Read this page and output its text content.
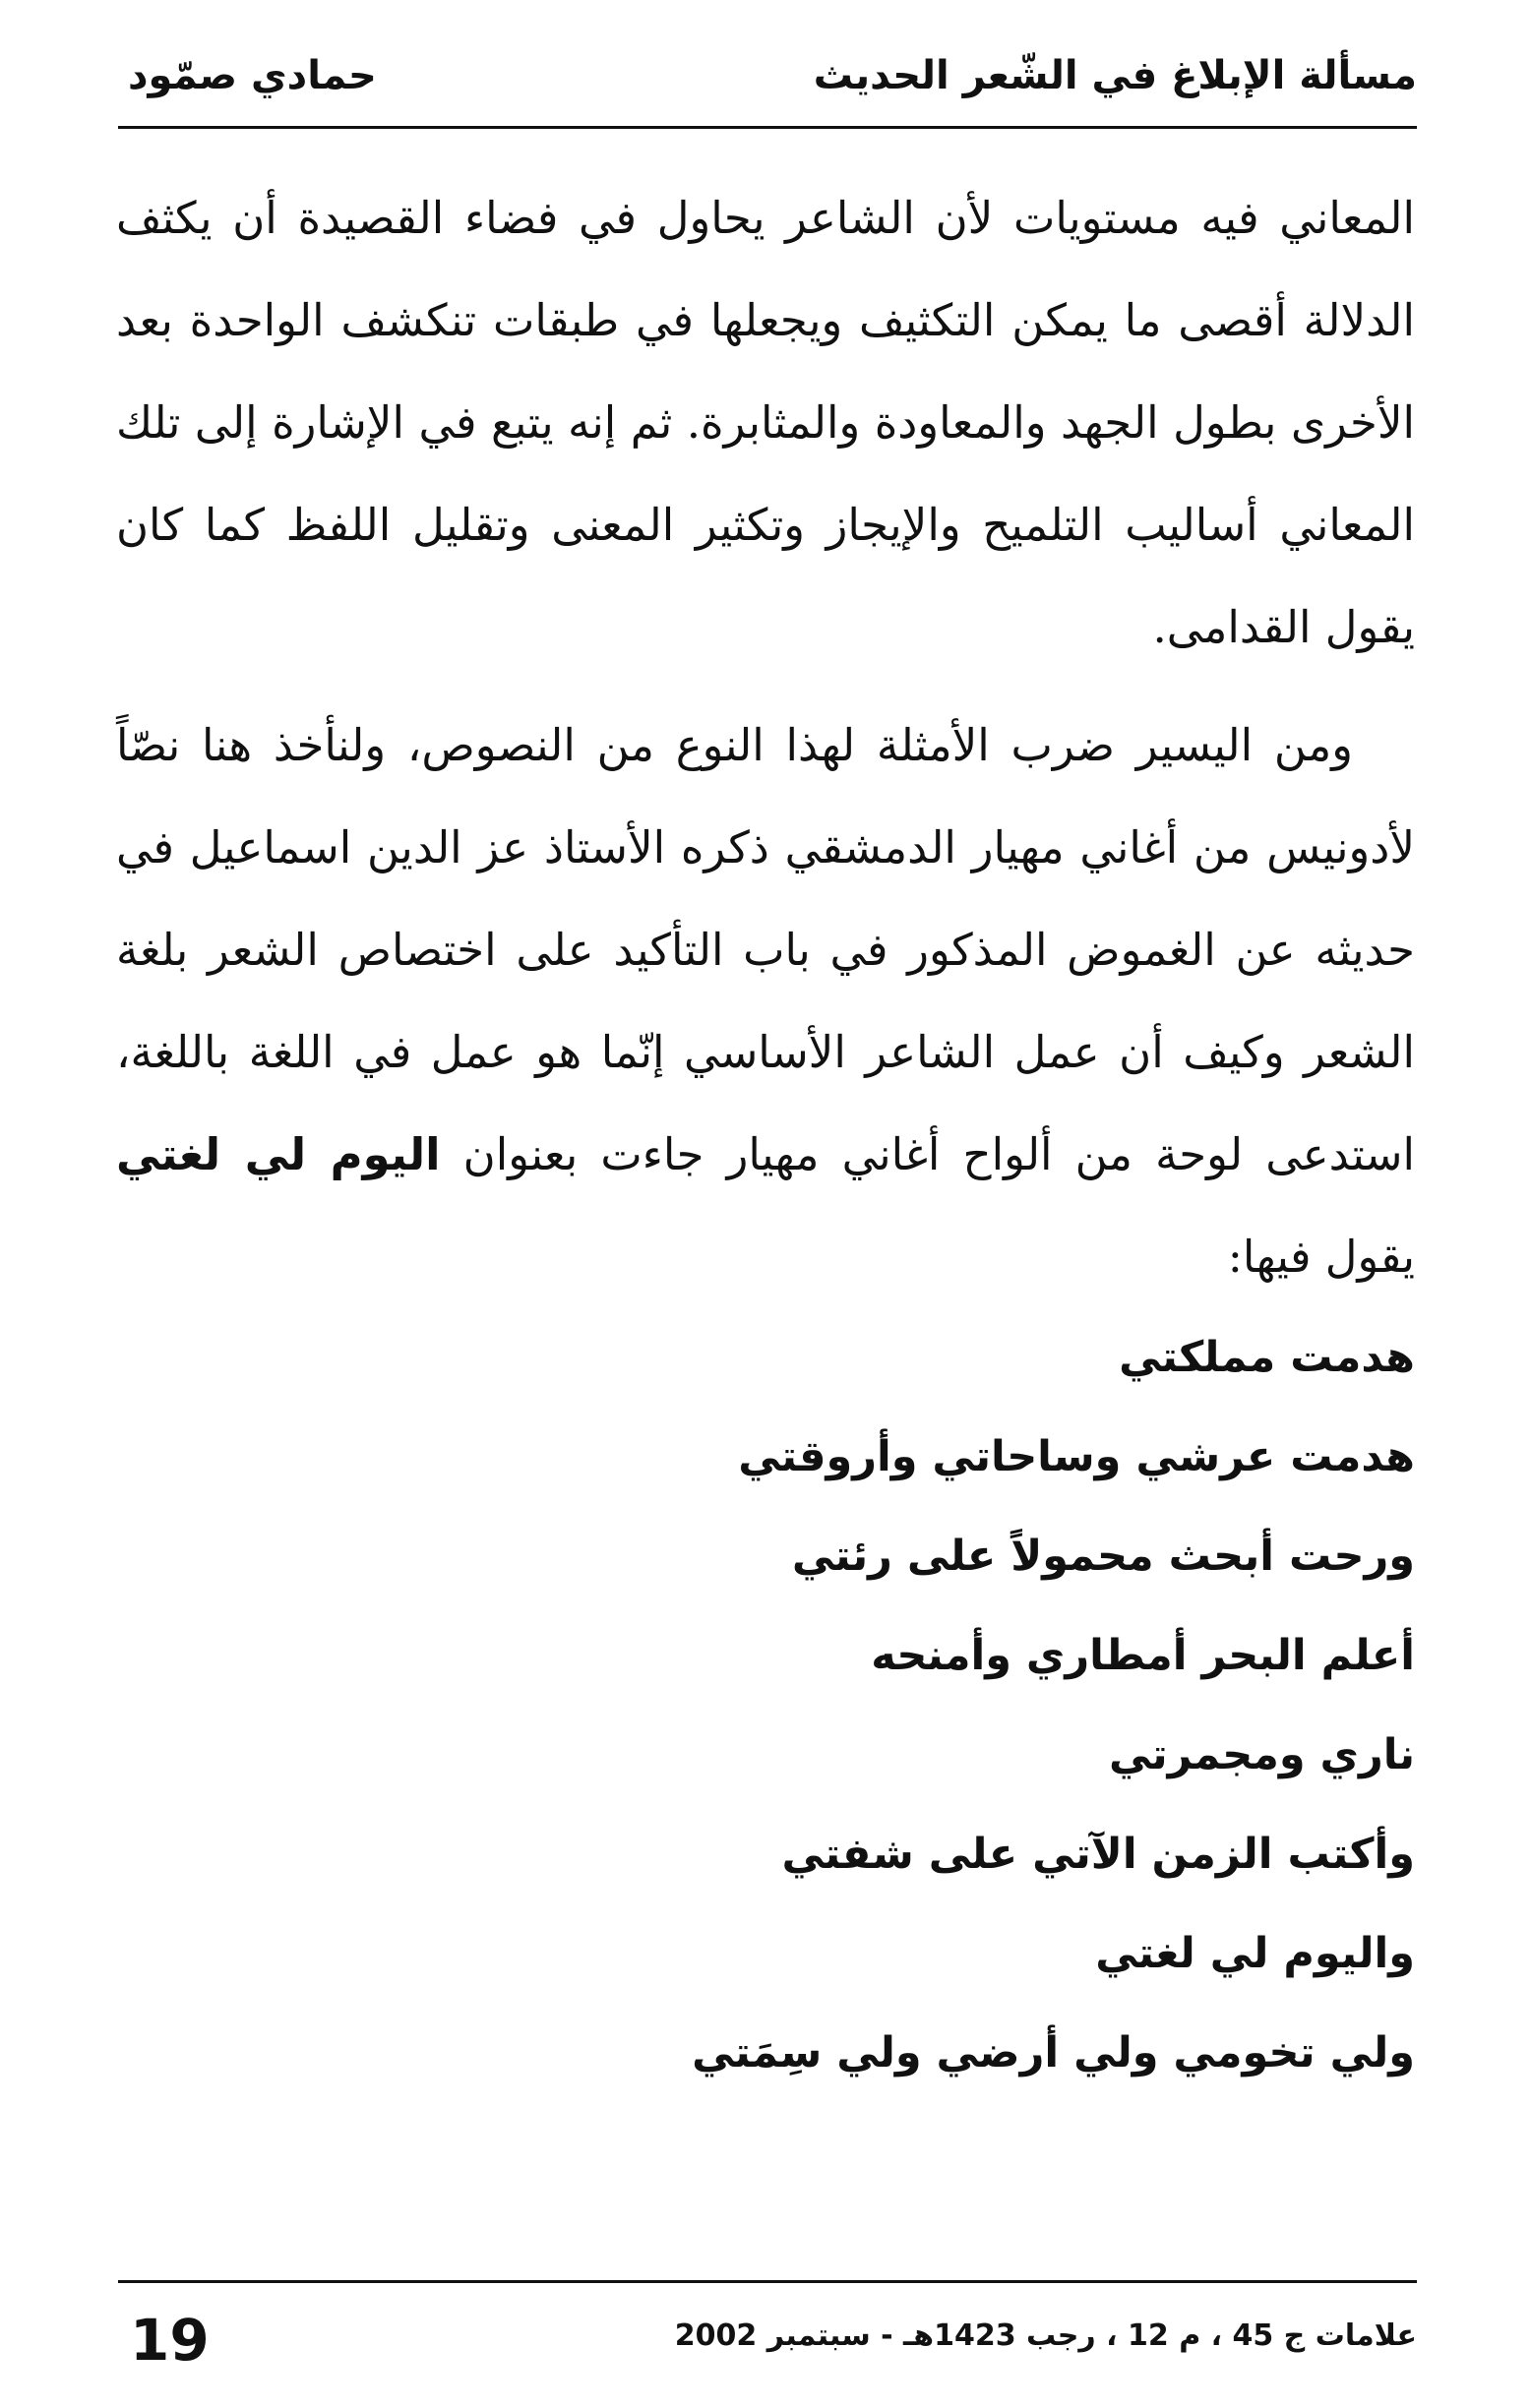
مسألة الإبلاغ في الشّعر الحديث
حمادي صمّود

المعاني فيه مستويات لأن الشاعر يحاول في فضاء القصيدة أن يكثف الدلالة أقصى ما يمكن التكثيف ويجعلها في طبقات تنكشف الواحدة بعد الأخرى بطول الجهد والمعاودة والمثابرة. ثم إنه يتبع في الإشارة إلى تلك المعاني أساليب التلميح والإيجاز وتكثير المعنى وتقليل اللفظ كما كان يقول القدامى.

ومن اليسير ضرب الأمثلة لهذا النوع من النصوص، ولنأخذ هنا نصّاً لأدونيس من أغاني مهيار الدمشقي ذكره الأستاذ عز الدين اسماعيل في حديثه عن الغموض المذكور في باب التأكيد على اختصاص الشعر بلغة الشعر وكيف أن عمل الشاعر الأساسي إنّما هو عمل في اللغة باللغة، استدعى لوحة من ألواح أغاني مهيار جاءت بعنوان اليوم لي لغتي يقول فيها:

هدمت مملكتي
هدمت عرشي وساحاتي وأروقتي
ورحت أبحث محمولاً على رئتي
أعلم البحر أمطاري وأمنحه
ناري ومجمرتي
وأكتب الزمن الآتي على شفتي
واليوم لي لغتي
ولي تخومي ولي أرضي ولي سِمَتي
19	علامات ج 45 ، م 12 ، رجب 1423هـ - سبتمبر 2002
